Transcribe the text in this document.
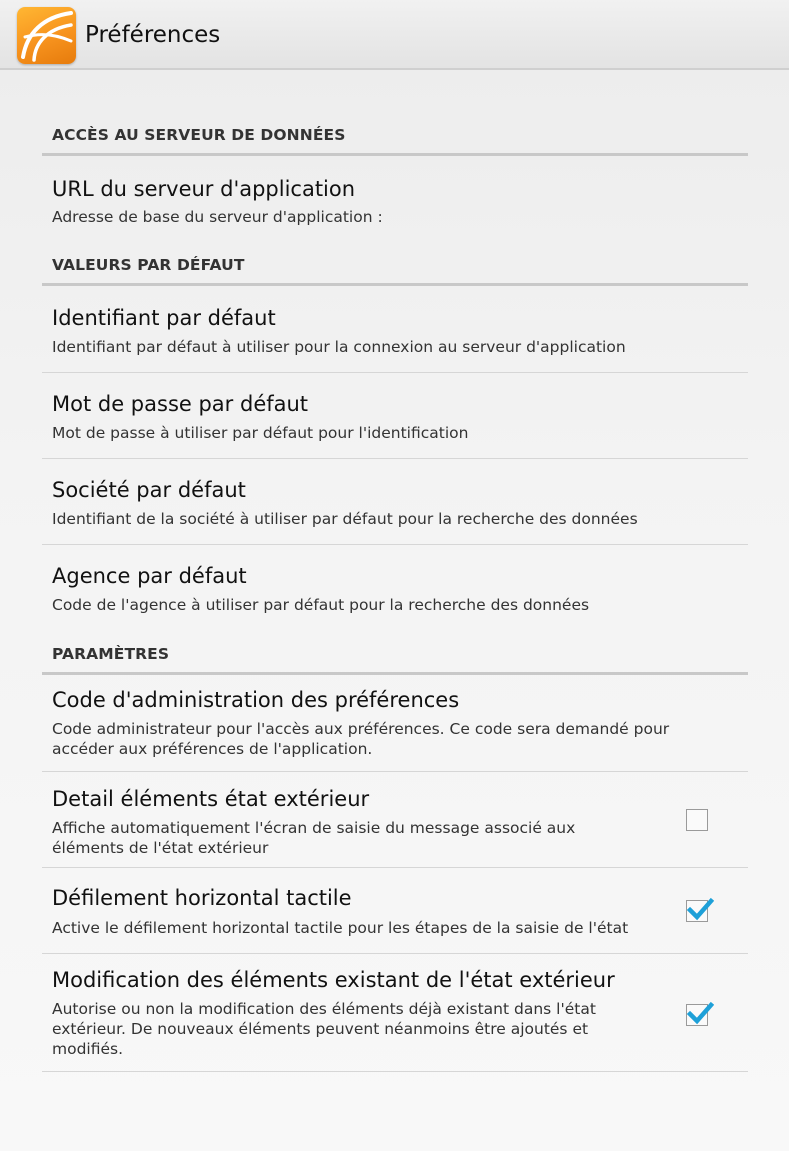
Préférences
ACCÈS AU SERVEUR DE DONNÉES
URL du serveur d'application
Adresse de base du serveur d'application :
VALEURS PAR DÉFAUT
Identifiant par défaut
Identifiant par défaut à utiliser pour la connexion au serveur d'application
Mot de passe par défaut
Mot de passe à utiliser par défaut pour l'identification
Société par défaut
Identifiant de la société à utiliser par défaut pour la recherche des données
Agence par défaut
Code de l'agence à utiliser par défaut pour la recherche des données
PARAMÈTRES
Code d'administration des préférences
Code administrateur pour l'accès aux préférences. Ce code sera demandé pour accéder aux préférences de l'application.
Detail éléments état extérieur
Affiche automatiquement l'écran de saisie du message associé aux éléments de l'état extérieur
Défilement horizontal tactile
Active le défilement horizontal tactile pour les étapes de la saisie de l'état
Modification des éléments existant de l'état extérieur
Autorise ou non la modification des éléments déjà existant dans l'état extérieur. De nouveaux éléments peuvent néanmoins être ajoutés et modifiés.
